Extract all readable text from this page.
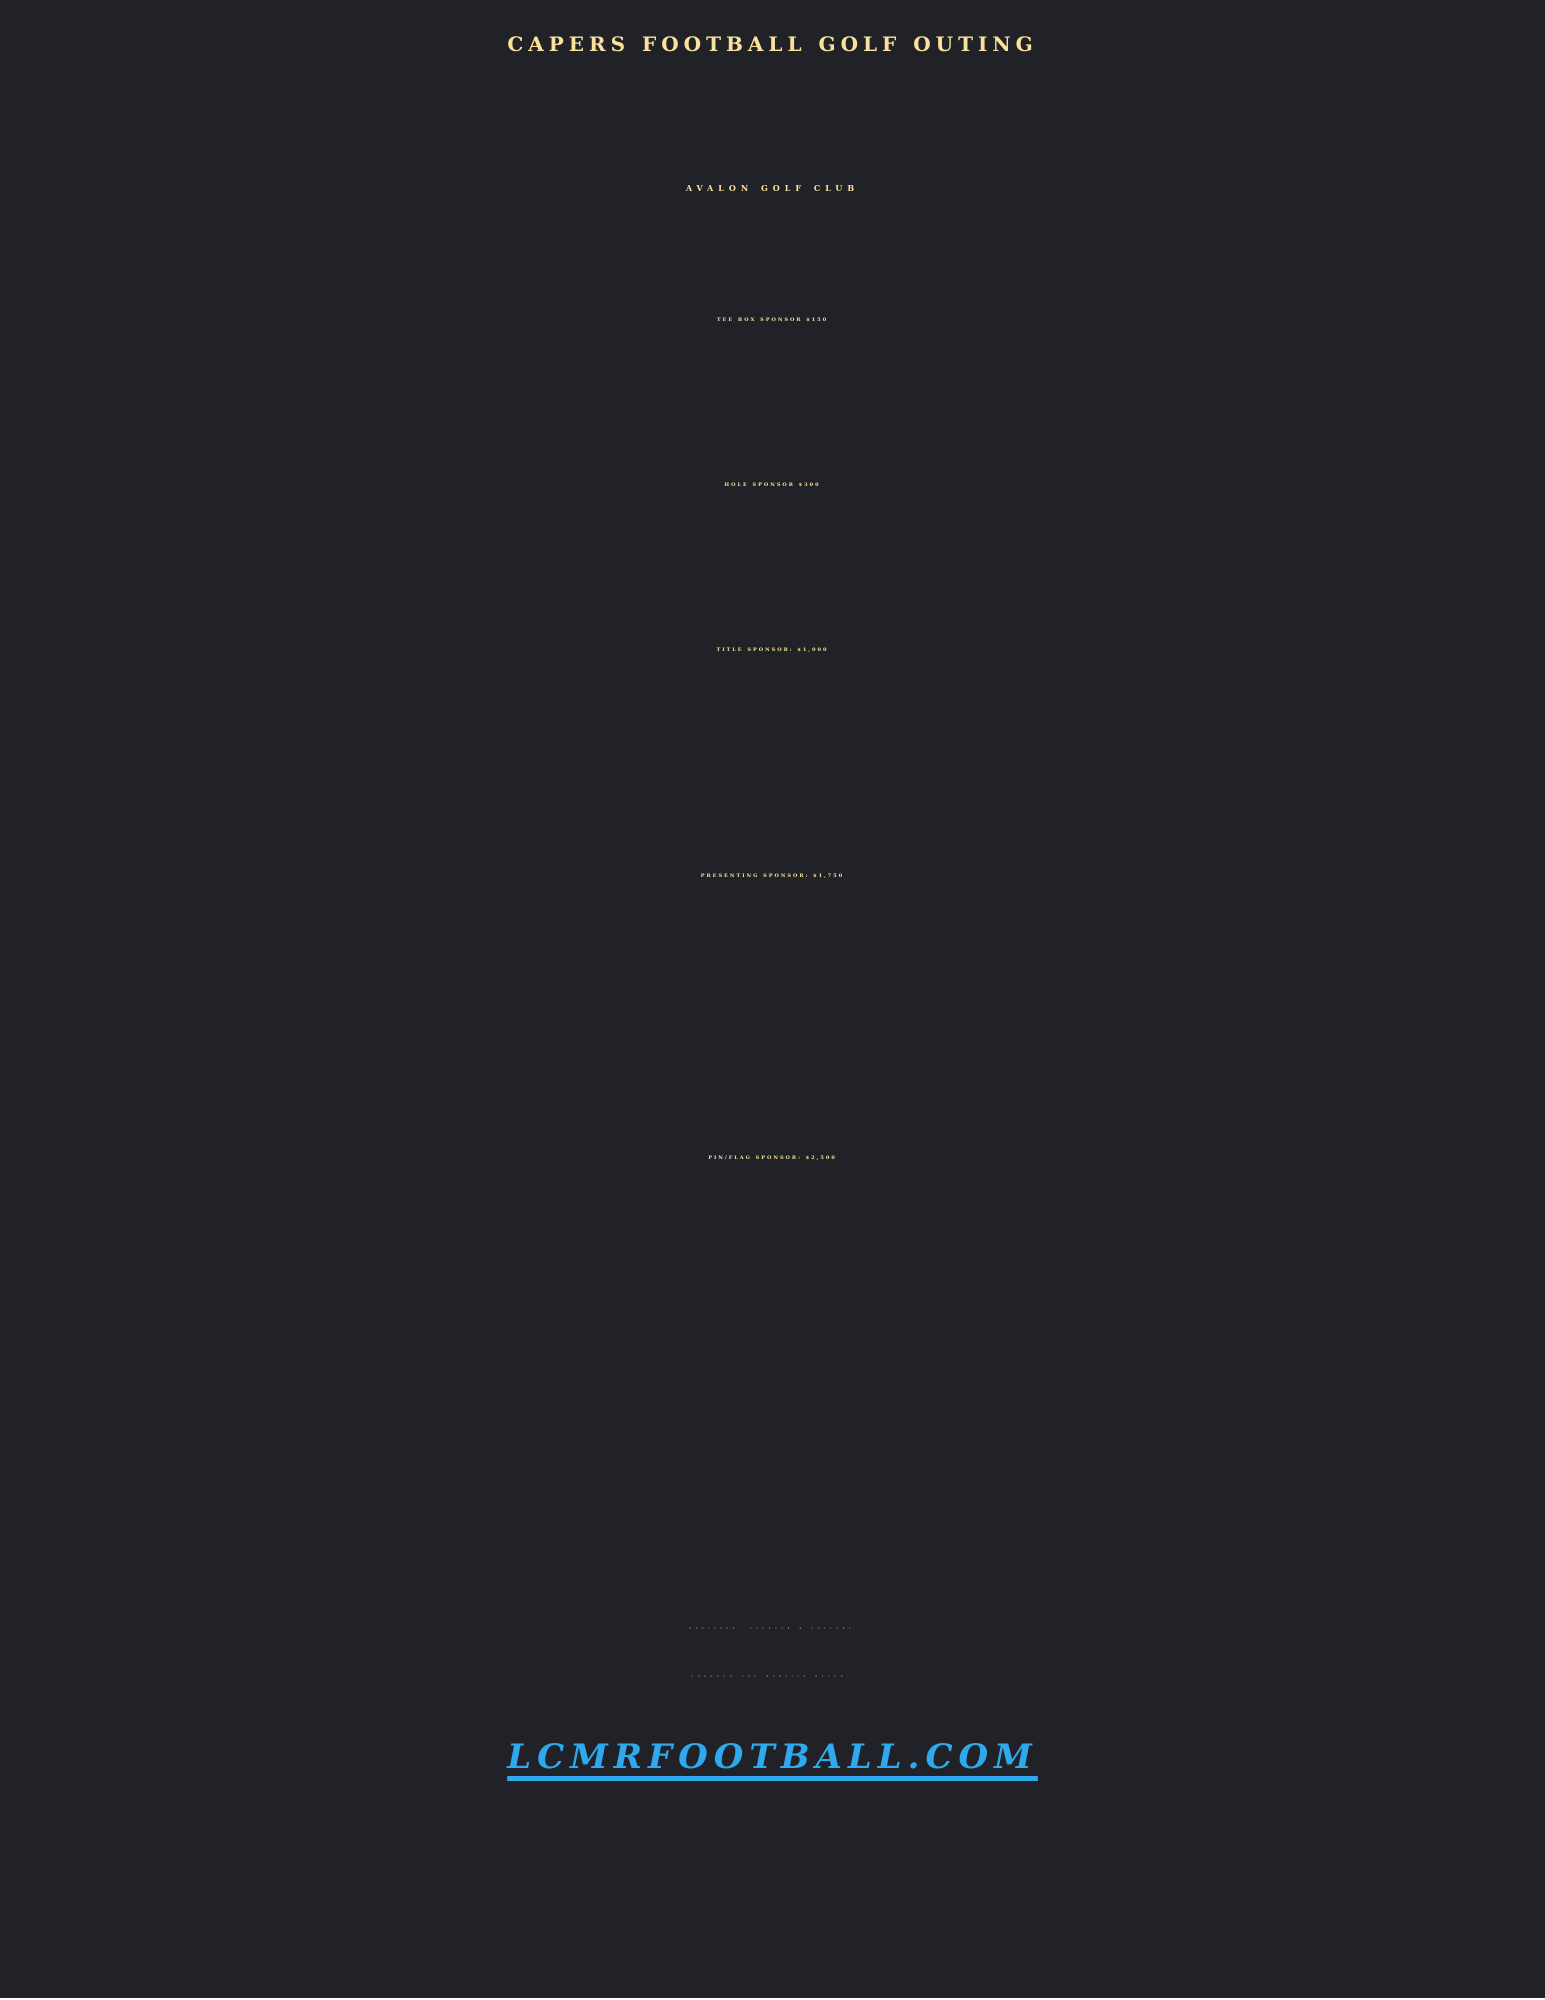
CAPERS FOOTBALL GOLF OUTING
AVALON GOLF CLUB
TEE BOX SPONSOR $150
HOLE SPONSOR $300
TITLE SPONSOR: $1,000
PRESENTING SPONSOR: $1,750
PIN/FLAG SPONSOR: $2,500
REGISTER, SPONSOR & SUPPORT
THROUGH THE WEBSITE BELOW!
LCMRFOOTBALL.COM
